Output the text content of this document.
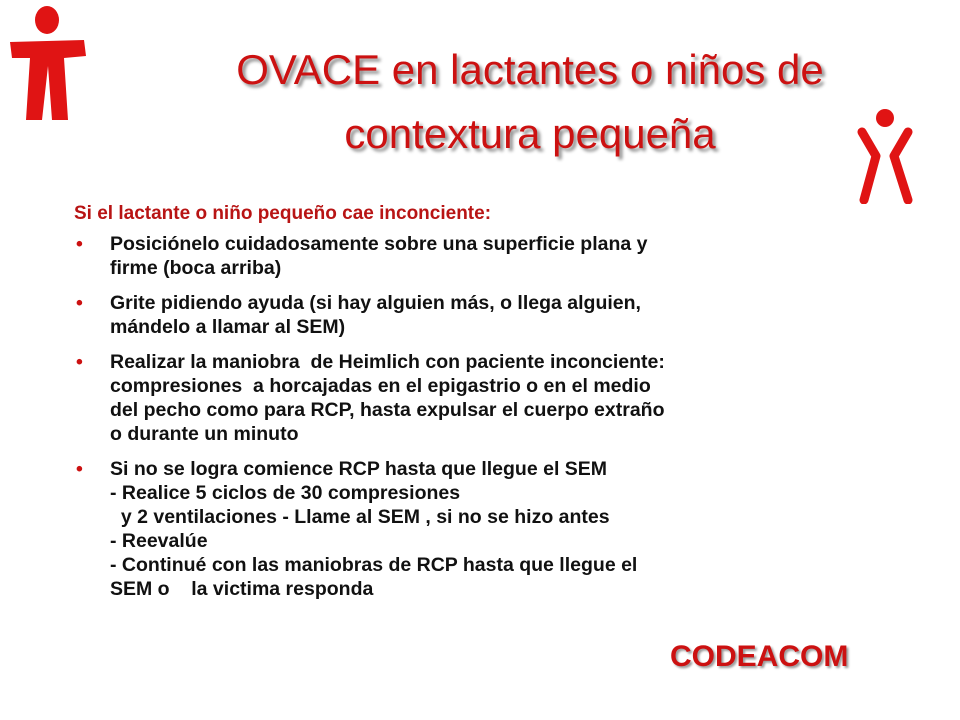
OVACE en lactantes o niños de
contextura pequeña
Si el lactante o niño pequeño cae inconciente:
• Posiciónelo cuidadosamente sobre una superficie plana y
firme (boca arriba)
• Grite pidiendo ayuda (si hay alguien más, o llega alguien,
mándelo a llamar al SEM)
• Realizar la maniobra  de Heimlich con paciente inconciente:
compresiones  a horcajadas en el epigastrio o en el medio
del pecho como para RCP, hasta expulsar el cuerpo extraño
o durante un minuto
• Si no se logra comience RCP hasta que llegue el SEM
- Realice 5 ciclos de 30 compresiones
y 2 ventilaciones - Llame al SEM , si no se hizo antes
- Reevalúe
- Continué con las maniobras de RCP hasta que llegue el
SEM o    la victima responda
CODEACOM
